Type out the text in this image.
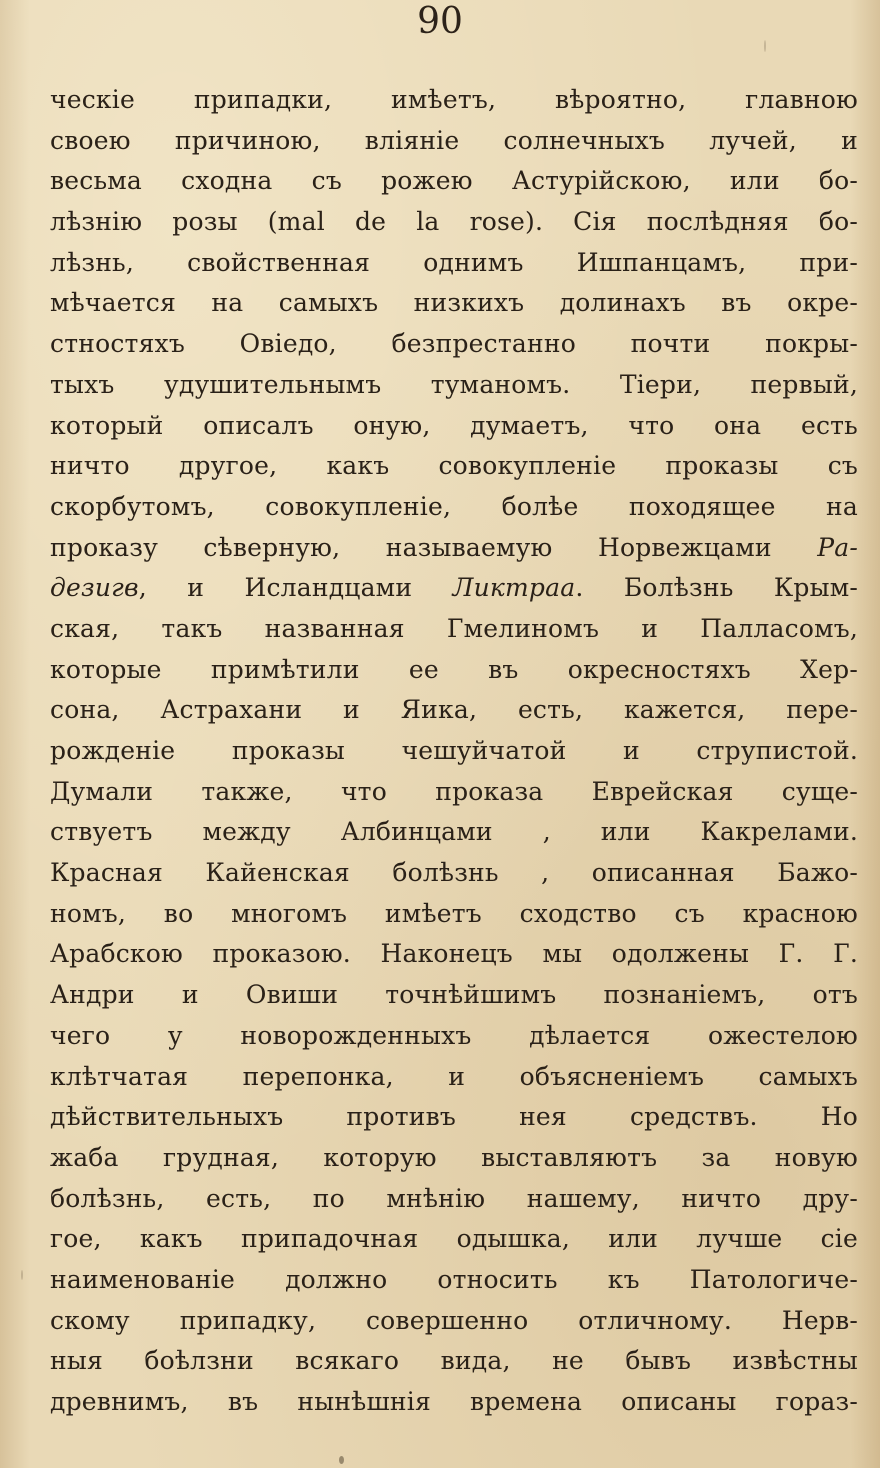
90
ческіе припадки, имѣетъ, вѣроятно, главною
своею причиною, вліяніе солнечныхъ лучей, и
весьма сходна съ рожею Астурійскою, или бо-
лѣзнію розы (mal de la rose). Сія послѣдняя бо-
лѣзнь, свойственная однимъ Ишпанцамъ, при-
мѣчается на самыхъ низкихъ долинахъ въ окре-
стностяхъ Овіедо, безпрестанно почти покры-
тыхъ удушительнымъ туманомъ. Тіери, первый,
который описалъ оную, думаетъ, что она есть
ничто другое, какъ совокупленіе проказы съ
скорбутомъ, совокупленіе, болѣе походящее на
проказу сѣверную, называемую Норвежцами Ра-
дезигв, и Исландцами Ликтраа. Болѣзнь Крым-
ская, такъ названная Гмелиномъ и Палласомъ,
которые примѣтили ее въ окресностяхъ Хер-
сона, Астрахани и Яика, есть, кажется, пере-
рожденіе проказы чешуйчатой и струпистой.
Думали также, что проказа Еврейская суще-
ствуетъ между Албинцами , или Какрелами.
Красная Кайенская болѣзнь , описанная Бажо-
номъ, во многомъ имѣетъ сходство съ красною
Арабскою проказою. Наконецъ мы одолжены Г. Г.
Андри и Овиши точнѣйшимъ познаніемъ, отъ
чего у новорожденныхъ дѣлается ожестелою
клѣтчатая перепонка, и объясненіемъ самыхъ
дѣйствительныхъ противъ нея средствъ. Но
жаба грудная, которую выставляютъ за новую
болѣзнь, есть, по мнѣнію нашему, ничто дру-
гое, какъ припадочная одышка, или лучше сіе
наименованіе должно относить къ Патологиче-
скому припадку, совершенно отличному. Нерв-
ныя боѣлзни всякаго вида, не бывъ извѣстны
древнимъ, въ нынѣшнія времена описаны гораз-
